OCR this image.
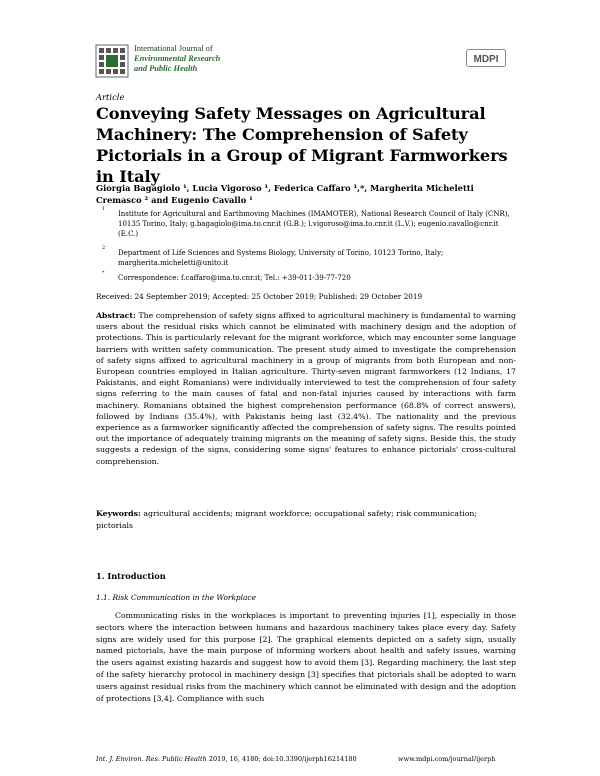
International Journal of
Environmental Research
and Public Health
MDPI
Article
Conveying Safety Messages on Agricultural Machinery: The Comprehension of Safety Pictorials in a Group of Migrant Farmworkers in Italy
Giorgia Bagagiolo ¹, Lucia Vigoroso ¹, Federica Caffaro ¹,*, Margherita Micheletti Cremasco ² and Eugenio Cavallo ¹
1
Institute for Agricultural and Earthmoving Machines (IMAMOTER), National Research Council of Italy (CNR), 10135 Torino, Italy; g.bagagiolo@ima.to.cnr.it (G.B.); l.vigoroso@ima.to.cnr.it (L.V.); eugenio.cavallo@cnr.it (E.C.)
2
Department of Life Sciences and Systems Biology, University of Torino, 10123 Torino, Italy; margherita.micheletti@unito.it
*
Correspondence: f.caffaro@ima.to.cnr.it; Tel.: +39-011-39-77-720
Received: 24 September 2019; Accepted: 25 October 2019; Published: 29 October 2019
Abstract: The comprehension of safety signs affixed to agricultural machinery is fundamental to warning users about the residual risks which cannot be eliminated with machinery design and the adoption of protections. This is particularly relevant for the migrant workforce, which may encounter some language barriers with written safety communication. The present study aimed to investigate the comprehension of safety signs affixed to agricultural machinery in a group of migrants from both European and non-European countries employed in Italian agriculture. Thirty-seven migrant farmworkers (12 Indians, 17 Pakistanis, and eight Romanians) were individually interviewed to test the comprehension of four safety signs referring to the main causes of fatal and non-fatal injuries caused by interactions with farm machinery. Romanians obtained the highest comprehension performance (68.8% of correct answers), followed by Indians (35.4%), with Pakistanis being last (32.4%). The nationality and the previous experience as a farmworker significantly affected the comprehension of safety signs. The results pointed out the importance of adequately training migrants on the meaning of safety signs. Beside this, the study suggests a redesign of the signs, considering some signs' features to enhance pictorials' cross-cultural comprehension.
Keywords: agricultural accidents; migrant workforce; occupational safety; risk communication; pictorials
1. Introduction
1.1. Risk Communication in the Workplace
Communicating risks in the workplaces is important to preventing injuries [1], especially in those sectors where the interaction between humans and hazardous machinery takes place every day. Safety signs are widely used for this purpose [2]. The graphical elements depicted on a safety sign, usually named pictorials, have the main purpose of informing workers about health and safety issues, warning the users against existing hazards and suggest how to avoid them [3]. Regarding machinery, the last step of the safety hierarchy protocol in machinery design [3] specifies that pictorials shall be adopted to warn users against residual risks from the machinery which cannot be eliminated with design and the adoption of protections [3,4]. Compliance with such
Int. J. Environ. Res. Public Health 2019, 16, 4180; doi:10.3390/ijerph16214180	www.mdpi.com/journal/ijerph
